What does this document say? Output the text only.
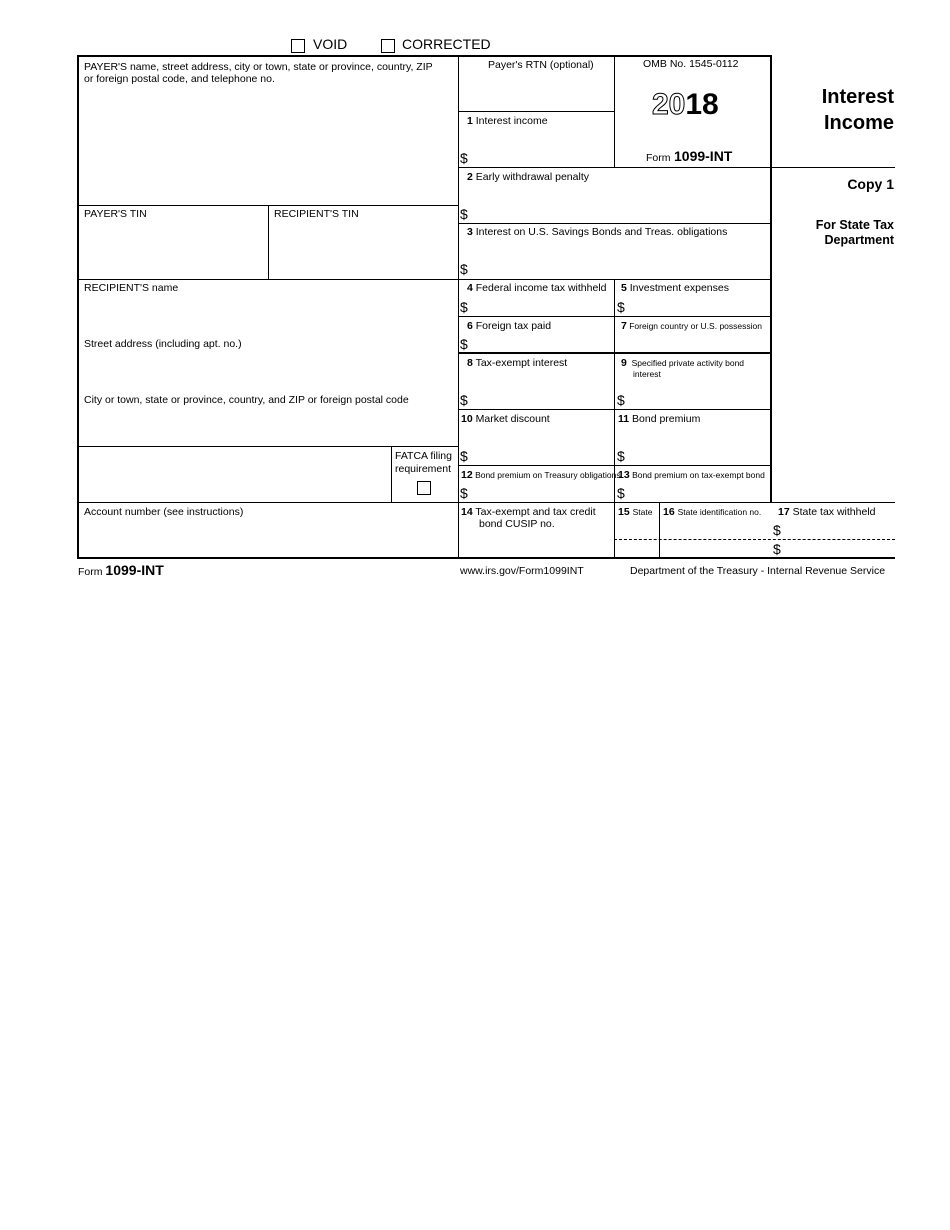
VOID	CORRECTED
PAYER'S name, street address, city or town, state or province, country, ZIP
or foreign postal code, and telephone no.
PAYER'S TIN	RECIPIENT'S TIN
RECIPIENT'S name
Street address (including apt. no.)
City or town, state or province, country, and ZIP or foreign postal code
FATCA filing
requirement
Account number (see instructions)
Payer's RTN (optional)	OMB No. 1545-0112
2018
Form 1099-INT
Interest
Income
Copy 1
For State Tax
Department
1 Interest income
$
2 Early withdrawal penalty
$
3 Interest on U.S. Savings Bonds and Treas. obligations
$
4 Federal income tax withheld
$
5 Investment expenses
$
6 Foreign tax paid
$
7 Foreign country or U.S. possession
8 Tax-exempt interest
$
9 Specified private activity bond
interest
$
10 Market discount
$
11 Bond premium
$
12 Bond premium on Treasury obligations
$
13 Bond premium on tax-exempt bond
$
14 Tax-exempt and tax credit
bond CUSIP no.
15 State 16 State identification no. 17 State tax withheld
$
$
Form 1099-INT	www.irs.gov/Form1099INT	Department of the Treasury - Internal Revenue Service
